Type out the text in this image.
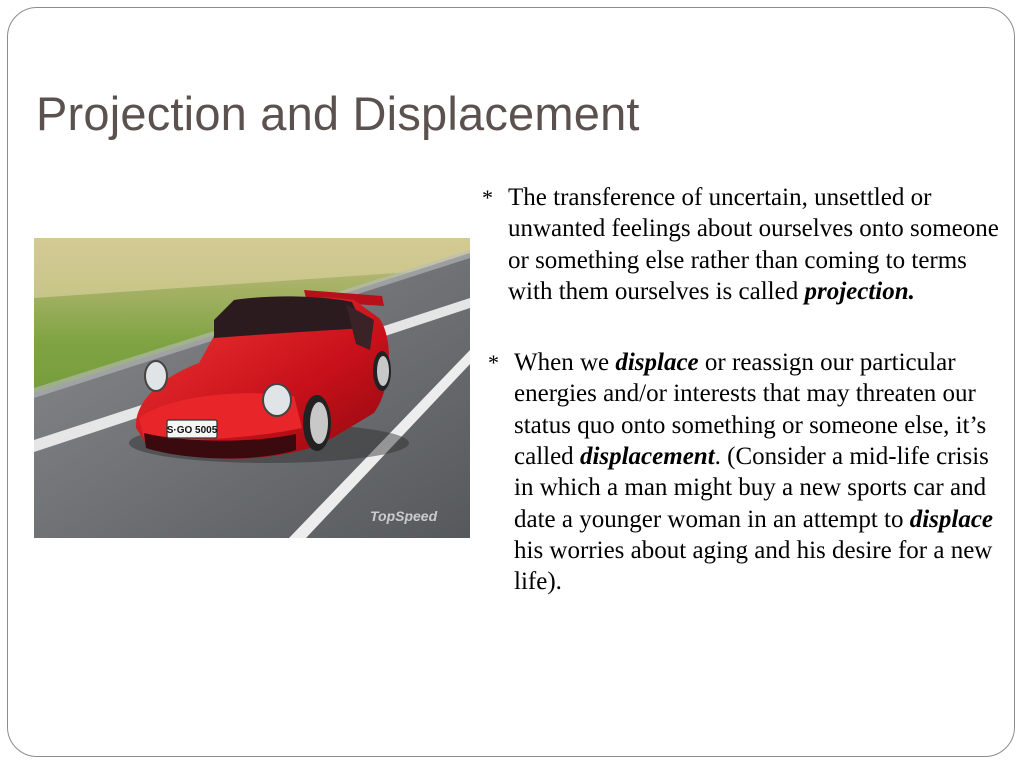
Projection and Displacement
S·GO 5005
TopSpeed

* The transference of uncertain, unsettled or unwanted feelings about ourselves onto someone or something else rather than coming to terms with them ourselves is called projection.

* When we displace or reassign our particular energies and/or interests that may threaten our status quo onto something or someone else, it’s called displacement. (Consider a mid-life crisis in which a man might buy a new sports car and date a younger woman in an attempt to displace his worries about aging and his desire for a new life).
